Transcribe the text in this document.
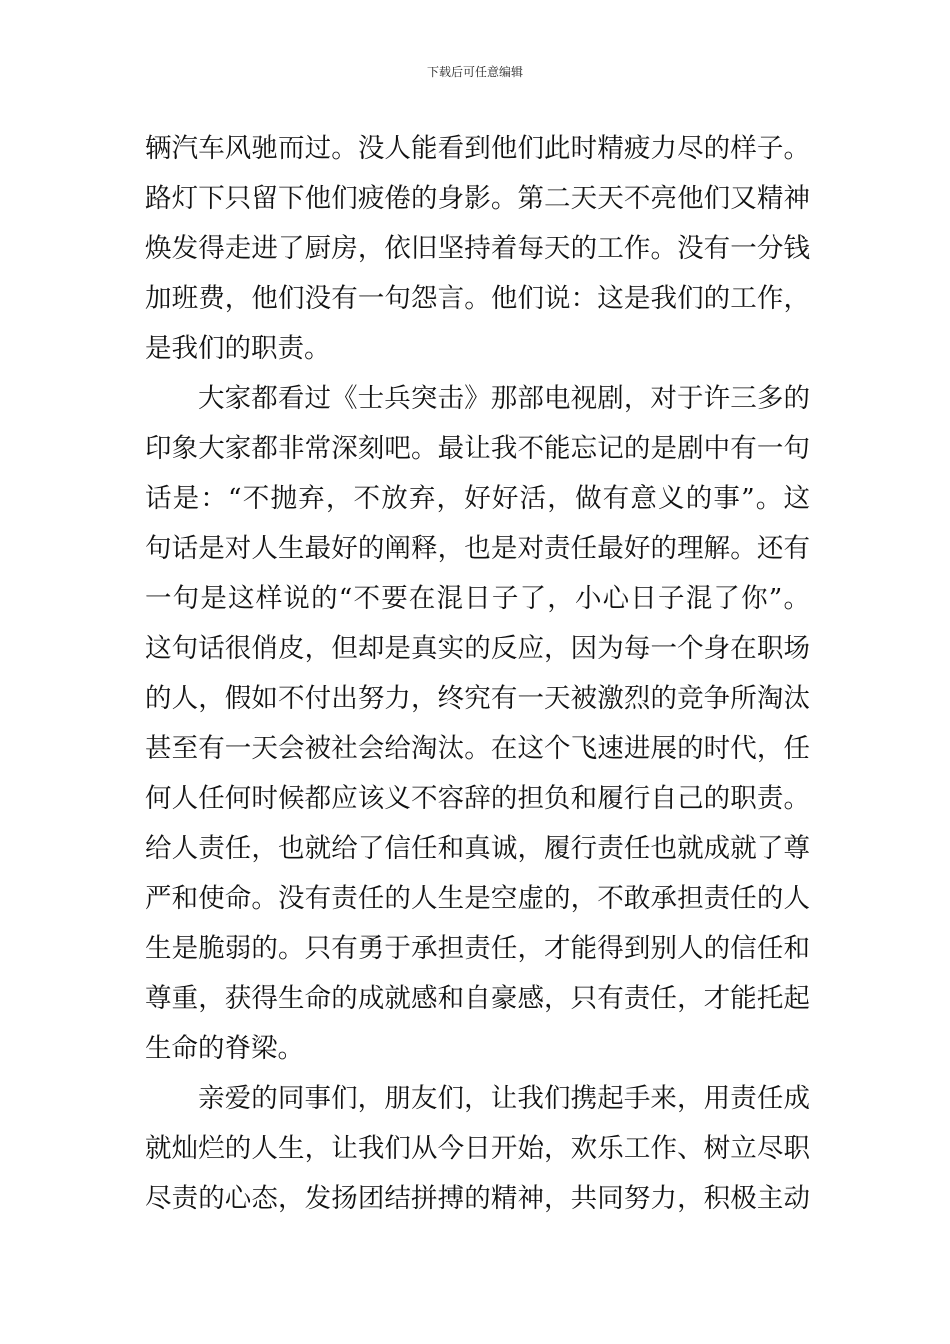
下载后可任意编辑
辆汽车风驰而过。没人能看到他们此时精疲力尽的样子。
路灯下只留下他们疲倦的身影。第二天天不亮他们又精神
焕发得走进了厨房，依旧坚持着每天的工作。没有一分钱
加班费，他们没有一句怨言。他们说：这是我们的工作，
是我们的职责。
大家都看过《士兵突击》那部电视剧，对于许三多的
印象大家都非常深刻吧。最让我不能忘记的是剧中有一句
话是：“不抛弃，不放弃，好好活，做有意义的事”。这
句话是对人生最好的阐释，也是对责任最好的理解。还有
一句是这样说的“不要在混日子了，小心日子混了你”。
这句话很俏皮，但却是真实的反应，因为每一个身在职场
的人，假如不付出努力，终究有一天被激烈的竞争所淘汰
甚至有一天会被社会给淘汰。在这个飞速进展的时代，任
何人任何时候都应该义不容辞的担负和履行自己的职责。
给人责任，也就给了信任和真诚，履行责任也就成就了尊
严和使命。没有责任的人生是空虚的，不敢承担责任的人
生是脆弱的。只有勇于承担责任，才能得到别人的信任和
尊重，获得生命的成就感和自豪感，只有责任，才能托起
生命的脊梁。
亲爱的同事们，朋友们，让我们携起手来，用责任成
就灿烂的人生，让我们从今日开始，欢乐工作、树立尽职
尽责的心态，发扬团结拼搏的精神，共同努力，积极主动
